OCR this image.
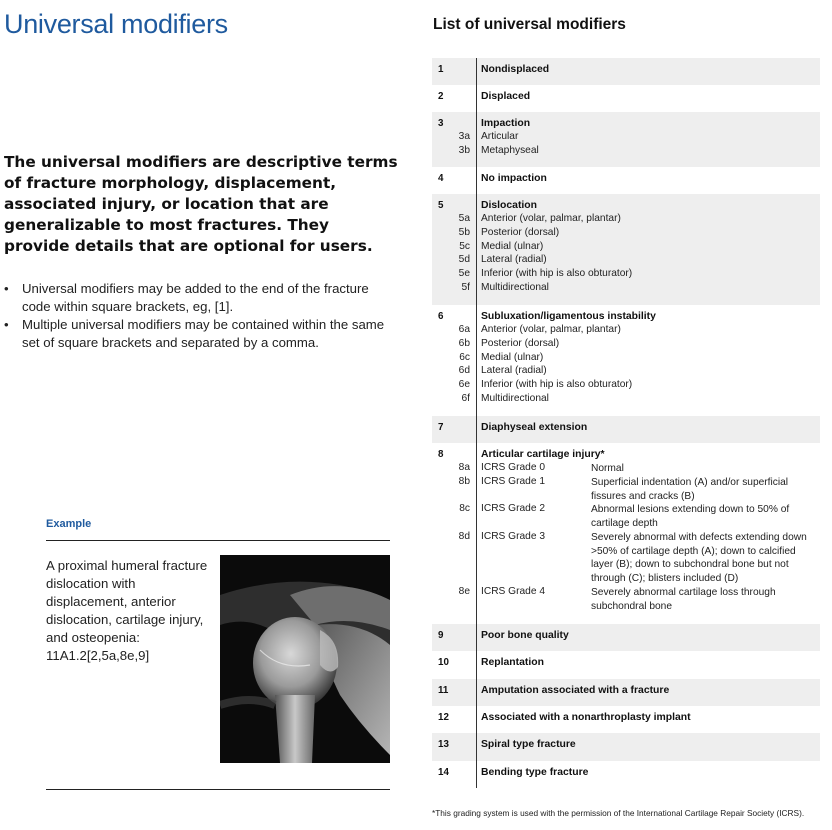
Universal modifiers

The universal modifiers are descriptive terms of fracture morphology, displacement, associated injury, or location that are generalizable to most fractures. They provide details that are optional for users.

• Universal modifiers may be added to the end of the fracture code within square brackets, eg, [1].
• Multiple universal modifiers may be contained within the same set of square brackets and separated by a comma.
Example

A proximal humeral fracture dislocation with displacement, anterior dislocation, cartilage injury, and osteopenia:
11A1.2[2,5a,8e,9]

List of universal modifiers
1	Nondisplaced
2	Displaced
3	Impaction
3a Articular
3b Metaphyseal
4	No impaction
5	Dislocation
5a Anterior (volar, palmar, plantar)
5b Posterior (dorsal)
5c Medial (ulnar)
5d Lateral (radial)
5e Inferior (with hip is also obturator)
5f Multidirectional
6	Subluxation/ligamentous instability
6a Anterior (volar, palmar, plantar)
6b Posterior (dorsal)
6c Medial (ulnar)
6d Lateral (radial)
6e Inferior (with hip is also obturator)
6f Multidirectional
7	Diaphyseal extension
8	Articular cartilage injury*
8a ICRS Grade 0	Normal
8b ICRS Grade 1	Superficial indentation (A) and/or superficial fissures and cracks (B)
8c ICRS Grade 2	Abnormal lesions extending down to 50% of cartilage depth
8d ICRS Grade 3	Severely abnormal with defects extending down >50% of cartilage depth (A); down to calcified layer (B); down to subchondral bone but not through (C); blisters included (D)
8e ICRS Grade 4	Severely abnormal cartilage loss through subchondral bone
9	Poor bone quality
10	Replantation
11	Amputation associated with a fracture
12	Associated with a nonarthroplasty implant
13	Spiral type fracture
14	Bending type fracture
*This grading system is used with the permission of the International Cartilage Repair Society (ICRS).
